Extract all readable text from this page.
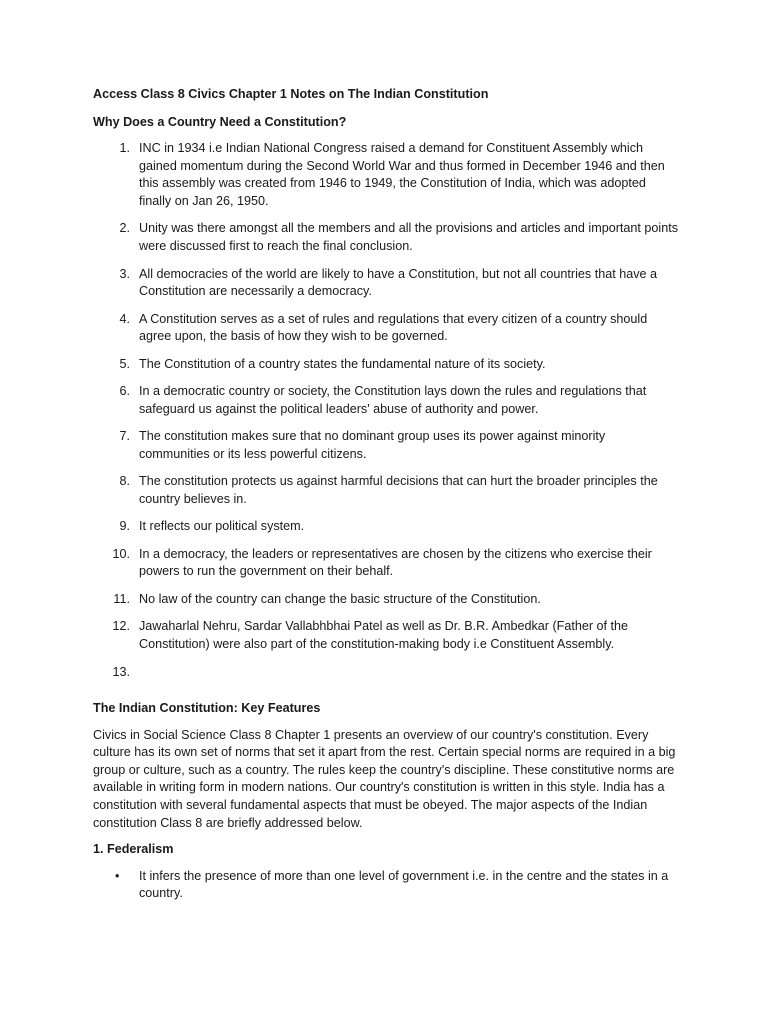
Access Class 8 Civics Chapter 1 Notes on The Indian Constitution

Why Does a Country Need a Constitution?

1. INC in 1934 i.e Indian National Congress raised a demand for Constituent Assembly which gained momentum during the Second World War and thus formed in December 1946 and then this assembly was created from 1946 to 1949, the Constitution of India, which was adopted finally on Jan 26, 1950.
2. Unity was there amongst all the members and all the provisions and articles and important points were discussed first to reach the final conclusion.
3. All democracies of the world are likely to have a Constitution, but not all countries that have a Constitution are necessarily a democracy.
4. A Constitution serves as a set of rules and regulations that every citizen of a country should agree upon, the basis of how they wish to be governed.
5. The Constitution of a country states the fundamental nature of its society.
6. In a democratic country or society, the Constitution lays down the rules and regulations that safeguard us against the political leaders' abuse of authority and power.
7. The constitution makes sure that no dominant group uses its power against minority communities or its less powerful citizens.
8. The constitution protects us against harmful decisions that can hurt the broader principles the country believes in.
9. It reflects our political system.
10. In a democracy, the leaders or representatives are chosen by the citizens who exercise their powers to run the government on their behalf.
11. No law of the country can change the basic structure of the Constitution.
12. Jawaharlal Nehru, Sardar Vallabhbhai Patel as well as Dr. B.R. Ambedkar (Father of the Constitution) were also part of the constitution-making body i.e Constituent Assembly.
13.

The Indian Constitution: Key Features

Civics in Social Science Class 8 Chapter 1 presents an overview of our country's constitution. Every culture has its own set of norms that set it apart from the rest. Certain special norms are required in a big group or culture, such as a country. The rules keep the country's discipline. These constitutive norms are available in writing form in modern nations. Our country's constitution is written in this style. India has a constitution with several fundamental aspects that must be obeyed. The major aspects of the Indian constitution Class 8 are briefly addressed below.

1. Federalism

• It infers the presence of more than one level of government i.e. in the centre and the states in a country.
